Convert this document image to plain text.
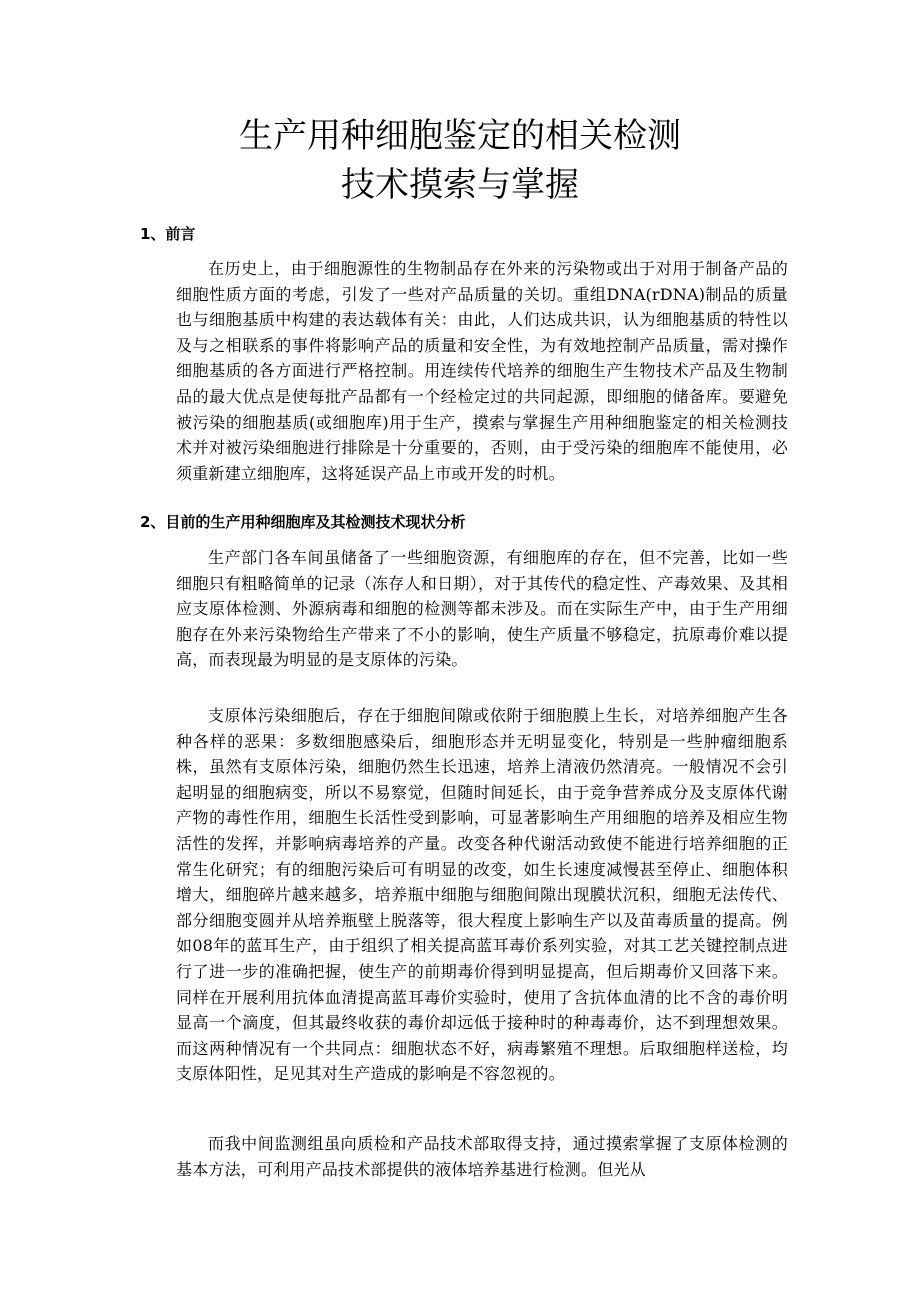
生产用种细胞鉴定的相关检测
技术摸索与掌握
1、前言

在历史上，由于细胞源性的生物制品存在外来的污染物或出于对用于制备产品的细胞性质方面的考虑，引发了一些对产品质量的关切。重组DNA(rDNA)制品的质量也与细胞基质中构建的表达载体有关：由此，人们达成共识，认为细胞基质的特性以及与之相联系的事件将影响产品的质量和安全性，为有效地控制产品质量，需对操作细胞基质的各方面进行严格控制。用连续传代培养的细胞生产生物技术产品及生物制品的最大优点是使每批产品都有一个经检定过的共同起源，即细胞的储备库。要避免被污染的细胞基质(或细胞库)用于生产，摸索与掌握生产用种细胞鉴定的相关检测技术并对被污染细胞进行排除是十分重要的，否则，由于受污染的细胞库不能使用，必须重新建立细胞库，这将延误产品上市或开发的时机。

2、目前的生产用种细胞库及其检测技术现状分析

生产部门各车间虽储备了一些细胞资源，有细胞库的存在，但不完善，比如一些细胞只有粗略简单的记录（冻存人和日期），对于其传代的稳定性、产毒效果、及其相应支原体检测、外源病毒和细胞的检测等都未涉及。而在实际生产中，由于生产用细胞存在外来污染物给生产带来了不小的影响，使生产质量不够稳定，抗原毒价难以提高，而表现最为明显的是支原体的污染。

支原体污染细胞后，存在于细胞间隙或依附于细胞膜上生长，对培养细胞产生各种各样的恶果：多数细胞感染后，细胞形态并无明显变化，特别是一些肿瘤细胞系株，虽然有支原体污染，细胞仍然生长迅速，培养上清液仍然清亮。一般情况不会引起明显的细胞病变，所以不易察觉，但随时间延长，由于竞争营养成分及支原体代谢产物的毒性作用，细胞生长活性受到影响，可显著影响生产用细胞的培养及相应生物活性的发挥，并影响病毒培养的产量。改变各种代谢活动致使不能进行培养细胞的正常生化研究；有的细胞污染后可有明显的改变，如生长速度减慢甚至停止、细胞体积增大，细胞碎片越来越多，培养瓶中细胞与细胞间隙出现膜状沉积，细胞无法传代、部分细胞变圆并从培养瓶壁上脱落等，很大程度上影响生产以及苗毒质量的提高。例如08年的蓝耳生产，由于组织了相关提高蓝耳毒价系列实验，对其工艺关键控制点进行了进一步的准确把握，使生产的前期毒价得到明显提高，但后期毒价又回落下来。同样在开展利用抗体血清提高蓝耳毒价实验时，使用了含抗体血清的比不含的毒价明显高一个滴度，但其最终收获的毒价却远低于接种时的种毒毒价，达不到理想效果。而这两种情况有一个共同点：细胞状态不好，病毒繁殖不理想。后取细胞样送检，均支原体阳性，足见其对生产造成的影响是不容忽视的。

而我中间监测组虽向质检和产品技术部取得支持，通过摸索掌握了支原体检测的基本方法，可利用产品技术部提供的液体培养基进行检测。但光从
